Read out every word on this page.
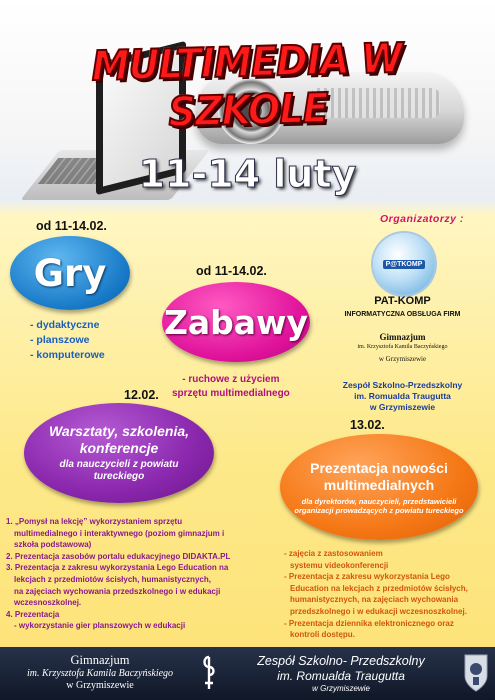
MULTIMEDIA W SZKOLE
11-14 luty
od 11-14.02.
Gry
- dydaktyczne
- planszowe
- komputerowe
od 11-14.02.
Zabawy
- ruchowe z użyciem
sprzętu multimedialnego
12.02.
Warsztaty, szkolenia, konferencje
dla nauczycieli z powiatu tureckiego
13.02.
Prezentacja nowości multimedialnych
dla dyrektorów, nauczycieli, przedstawicieli organizacji prowadzących z powiatu tureckiego
Organizatorzy :
P@TKOMP
PAT-KOMP
INFORMATYCZNA OBSŁUGA FIRM
Gimnazjum
im. Krzysztofa Kamila Baczyńskiego
w Grzymiszewie
Zespół Szkolno-Przedszkolny
im. Romualda Traugutta
w Grzymiszewie
1. „Pomysł na lekcję” wykorzystaniem sprzętu
multimedialnego i interaktywnego (poziom gimnazjum i
szkoła podstawowa)
2. Prezentacja zasobów portalu edukacyjnego DIDAKTA.PL
3. Prezentacja z zakresu wykorzystania Lego Education na
lekcjach z przedmiotów ścisłych, humanistycznych,
na zajęciach wychowania przedszkolnego i w edukacji
wczesnoszkolnej.
4. Prezentacja
- wykorzystanie gier planszowych w edukacji
- zajęcia z zastosowaniem
systemu videokonferencji
- Prezentacja z zakresu wykorzystania Lego
Education na lekcjach z przedmiotów ścisłych,
humanistycznych, na zajęciach wychowania
przedszkolnego i w edukacji wczesnoszkolnej.
- Prezentacja dziennika elektronicznego oraz
kontroli dostępu.
Gimnazjum
im. Krzysztofa Kamila Baczyńskiego
w Grzymiszewie
Zespół Szkolno- Przedszkolny
im. Romualda Traugutta
w Grzymiszewie
